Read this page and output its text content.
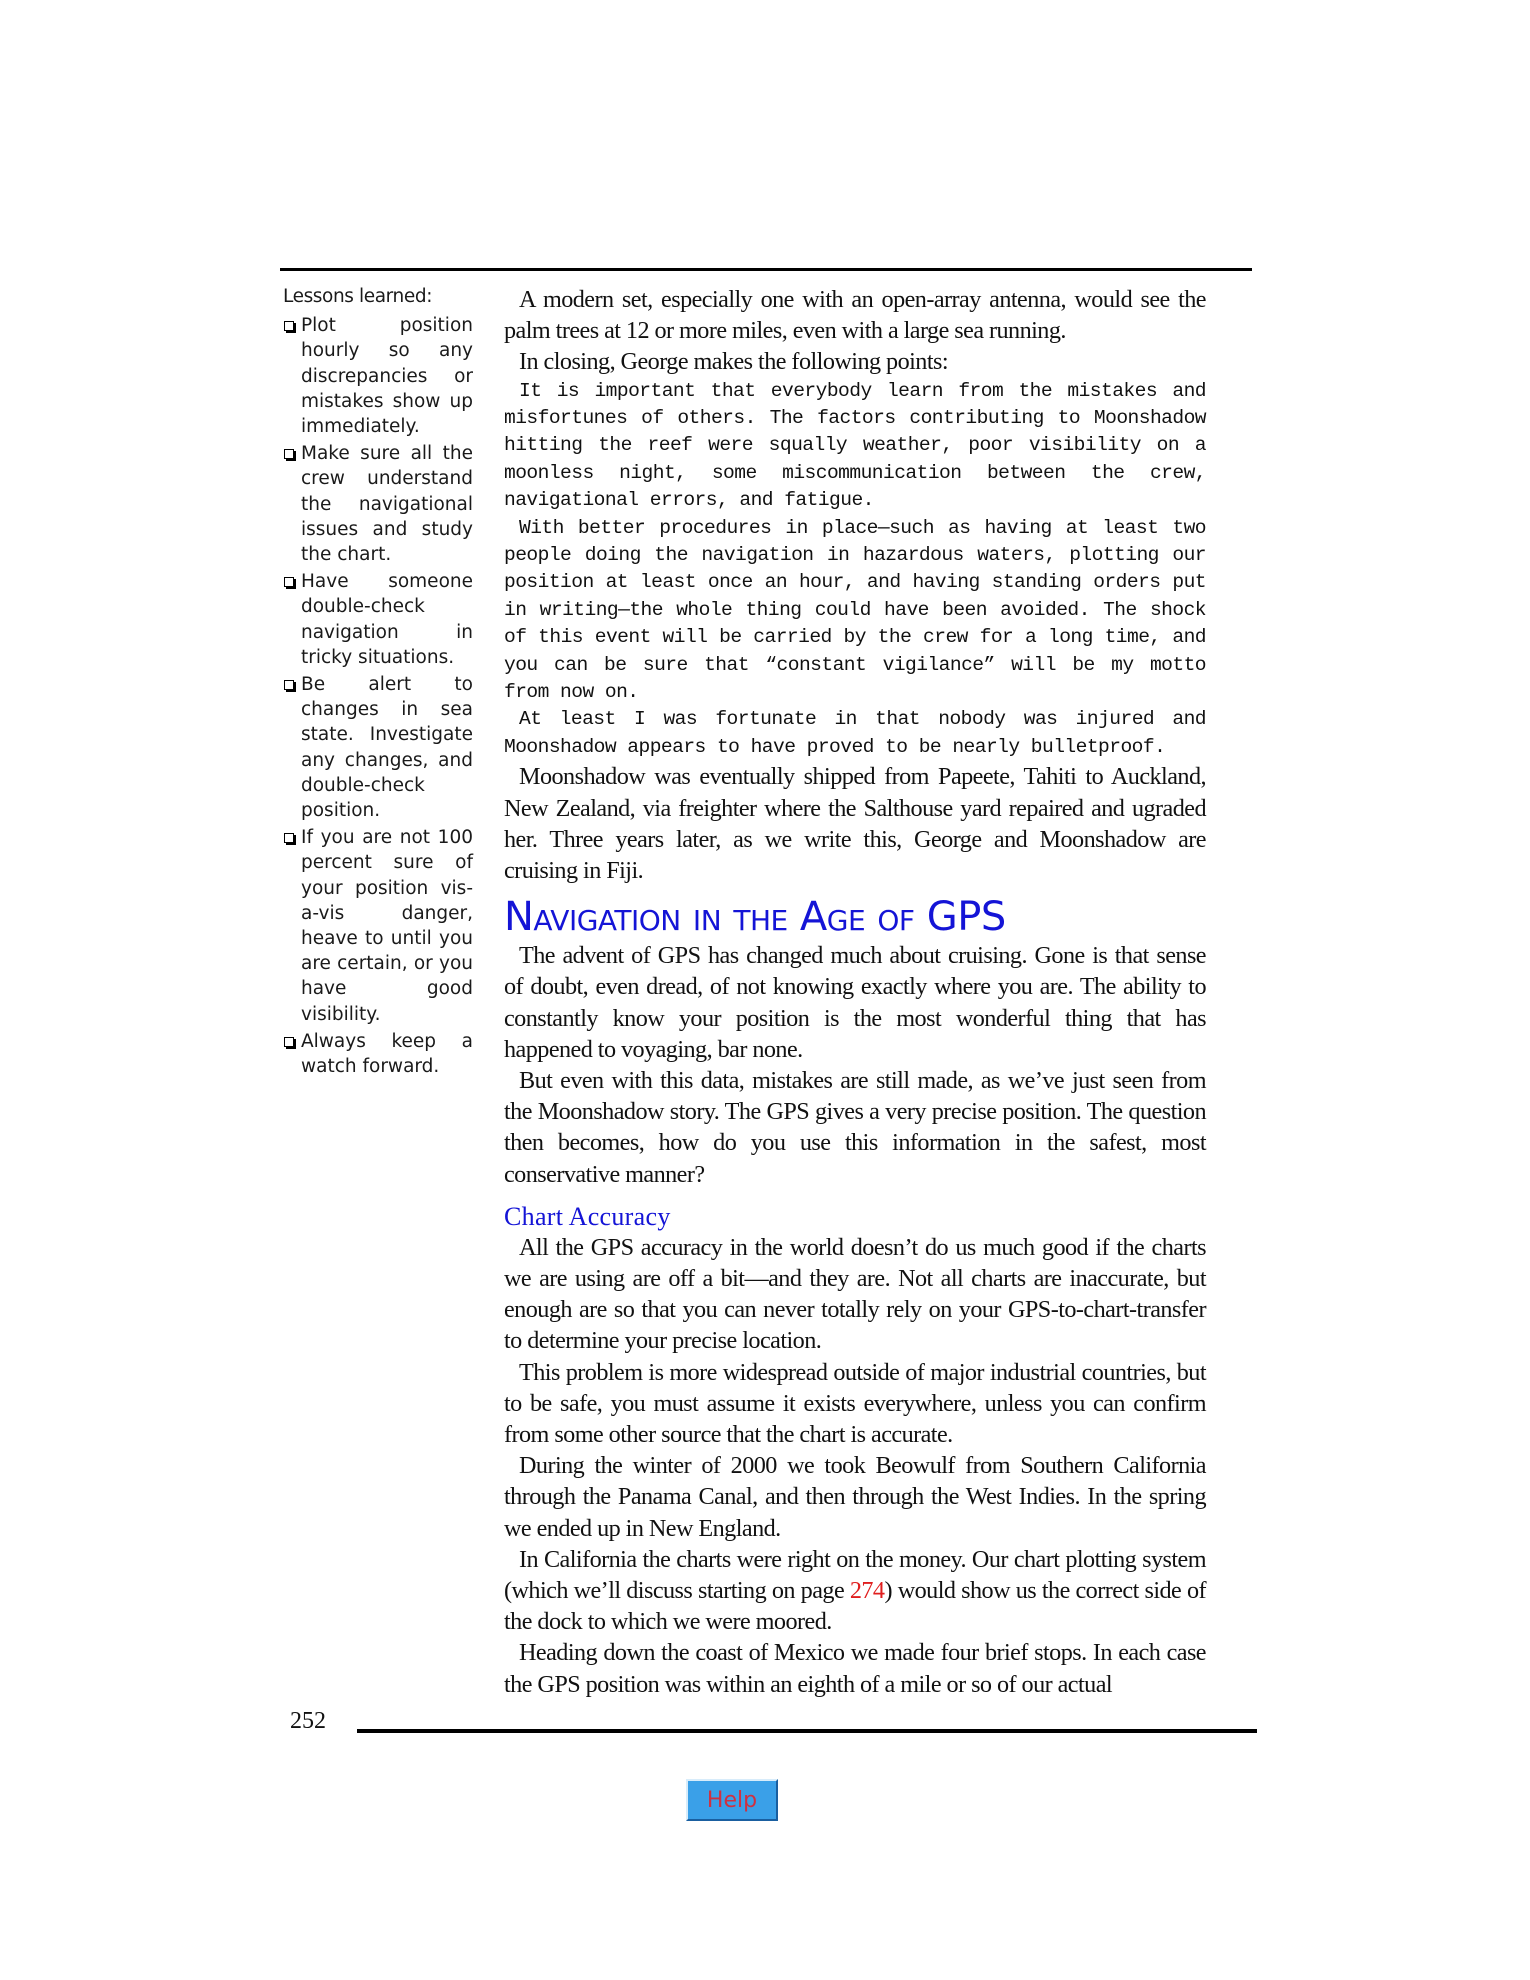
Lessons learned:
Plot position hourly so any discrepancies or mistakes show up immediately.
Make sure all the crew understand the navigational issues and study the chart.
Have someone double-check navigation in tricky situations.
Be alert to changes in sea state. Investigate any changes, and double-check position.
If you are not 100 percent sure of your position vis-a-vis danger, heave to until you are certain, or you have good visibility.
Always keep a watch forward.

A modern set, especially one with an open-array antenna, would see the palm trees at 12 or more miles, even with a large sea running.

In closing, George makes the following points:

It is important that everybody learn from the mistakes and misfortunes of others. The factors contributing to Moonshadow hitting the reef were squally weather, poor visibility on a moonless night, some miscommunication between the crew, navigational errors, and fatigue.

With better procedures in place—such as having at least two people doing the navigation in hazardous waters, plotting our position at least once an hour, and having standing orders put in writing—the whole thing could have been avoided. The shock of this event will be carried by the crew for a long time, and you can be sure that “constant vigilance” will be my motto from now on.

At least I was fortunate in that nobody was injured and Moonshadow appears to have proved to be nearly bulletproof.

Moonshadow was eventually shipped from Papeete, Tahiti to Auckland, New Zealand, via freighter where the Salthouse yard repaired and ugraded her. Three years later, as we write this, George and Moonshadow are cruising in Fiji.

Navigation in the Age of GPS

The advent of GPS has changed much about cruising. Gone is that sense of doubt, even dread, of not knowing exactly where you are. The ability to constantly know your position is the most wonderful thing that has happened to voyaging, bar none.

But even with this data, mistakes are still made, as we’ve just seen from the Moonshadow story. The GPS gives a very precise position. The question then becomes, how do you use this information in the safest, most conservative manner?

Chart Accuracy

All the GPS accuracy in the world doesn’t do us much good if the charts we are using are off a bit—and they are. Not all charts are inaccurate, but enough are so that you can never totally rely on your GPS-to-chart-transfer to determine your precise location.

This problem is more widespread outside of major industrial countries, but to be safe, you must assume it exists everywhere, unless you can confirm from some other source that the chart is accurate.

During the winter of 2000 we took Beowulf from Southern California through the Panama Canal, and then through the West Indies. In the spring we ended up in New England.

In California the charts were right on the money. Our chart plotting system (which we’ll discuss starting on page 274) would show us the correct side of the dock to which we were moored.

Heading down the coast of Mexico we made four brief stops. In each case the GPS position was within an eighth of a mile or so of our actual

252
Help
